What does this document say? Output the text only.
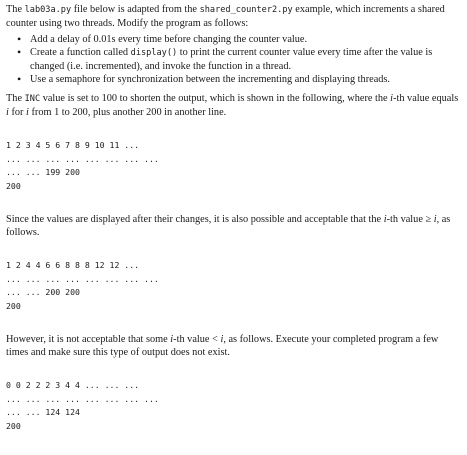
The lab03a.py file below is adapted from the shared_counter2.py example, which increments a shared counter using two threads. Modify the program as follows:

• Add a delay of 0.01s every time before changing the counter value.
• Create a function called display() to print the current counter value every time after the value is changed (i.e. incremented), and invoke the function in a thread.
• Use a semaphore for synchronization between the incrementing and displaying threads.

The INC value is set to 100 to shorten the output, which is shown in the following, where the i-th value equals i for i from 1 to 200, plus another 200 in another line.

1 2 3 4 5 6 7 8 9 10 11 ...
... ... ... ... ... ... ... ...
... ... 199 200
200

Since the values are displayed after their changes, it is also possible and acceptable that the i-th value ≥ i, as follows.

1 2 4 4 6 6 8 8 8 12 12 ...
... ... ... ... ... ... ... ...
... ... 200 200
200

However, it is not acceptable that some i-th value < i, as follows. Execute your completed program a few times and make sure this type of output does not exist.

0 0 2 2 2 3 4 4 ... ... ...
... ... ... ... ... ... ... ...
... ... 124 124
200
